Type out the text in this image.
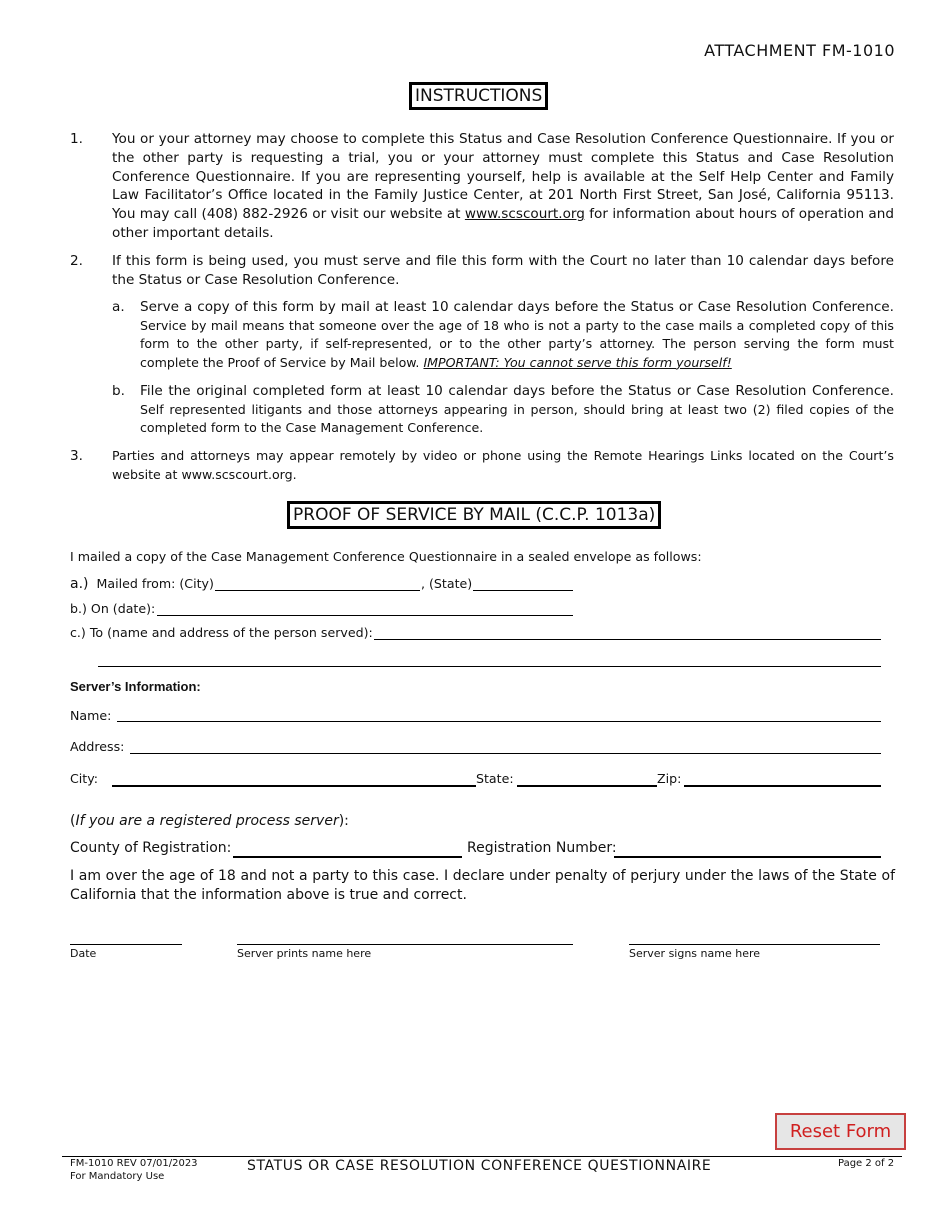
ATTACHMENT FM-1010
INSTRUCTIONS
1. You or your attorney may choose to complete this Status and Case Resolution Conference Questionnaire. If you or the other party is requesting a trial, you or your attorney must complete this Status and Case Resolution Conference Questionnaire. If you are representing yourself, help is available at the Self Help Center and Family Law Facilitator’s Office located in the Family Justice Center, at 201 North First Street, San José, California 95113. You may call (408) 882-2926 or visit our website at www.scscourt.org for information about hours of operation and other important details.
2. If this form is being used, you must serve and file this form with the Court no later than 10 calendar days before the Status or Case Resolution Conference.
a. Serve a copy of this form by mail at least 10 calendar days before the Status or Case Resolution Conference. Service by mail means that someone over the age of 18 who is not a party to the case mails a completed copy of this form to the other party, if self-represented, or to the other party’s attorney. The person serving the form must complete the Proof of Service by Mail below. IMPORTANT: You cannot serve this form yourself!
b. File the original completed form at least 10 calendar days before the Status or Case Resolution Conference. Self represented litigants and those attorneys appearing in person, should bring at least two (2) filed copies of the completed form to the Case Management Conference.
3. Parties and attorneys may appear remotely by video or phone using the Remote Hearings Links located on the Court’s website at www.scscourt.org.
PROOF OF SERVICE BY MAIL (C.C.P. 1013a)
I mailed a copy of the Case Management Conference Questionnaire in a sealed envelope as follows:
a.) Mailed from: (City)	, (State)
b.) On (date):
c.) To (name and address of the person served):
Server’s Information:
Name:
Address:
City:	State:	Zip:
(If you are a registered process server):
County of Registration:	Registration Number:
I am over the age of 18 and not a party to this case. I declare under penalty of perjury under the laws of the State of California that the information above is true and correct.
Date	Server prints name here	Server signs name here
Reset Form
FM-1010 REV 07/01/2023
For Mandatory Use
STATUS OR CASE RESOLUTION CONFERENCE QUESTIONNAIRE	Page 2 of 2
